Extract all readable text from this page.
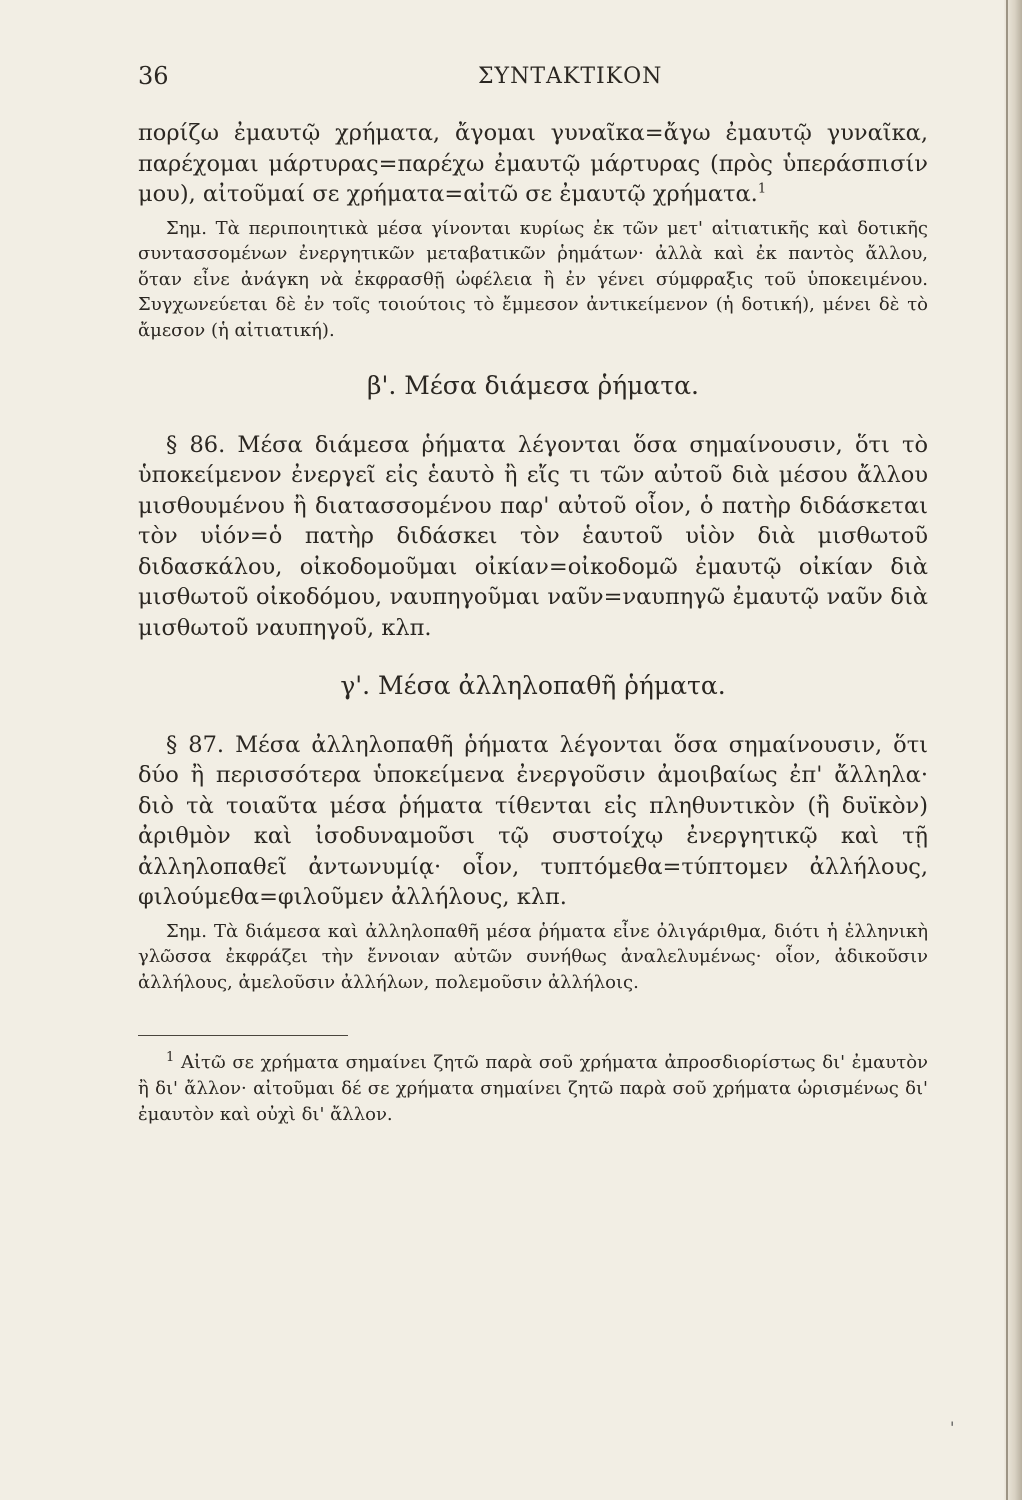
36	ΣΥΝΤΑΚΤΙΚΟΝ

πορίζω ἐμαυτῷ χρήματα, ἄγομαι γυναῖκα=ἄγω ἐμαυτῷ γυναῖκα, παρέχομαι μάρτυρας=παρέχω ἐμαυτῷ μάρτυρας (πρὸς ὑπεράσπισίν μου), αἰτοῦμαί σε χρήματα=αἰτῶ σε ἐμαυτῷ χρήματα.$^1$

Σημ. Τὰ περιποιητικὰ μέσα γίνονται κυρίως ἐκ τῶν μετ' αἰτιατικῆς καὶ δοτικῆς συντασσομένων ἐνεργητικῶν μεταβατικῶν ῥημάτων· ἀλλὰ καὶ ἐκ παντὸς ἄλλου, ὅταν εἶνε ἀνάγκη νὰ ἐκφρασθῇ ὠφέλεια ἢ ἐν γένει σύμφραξις τοῦ ὑποκειμένου. Συγχωνεύεται δὲ ἐν τοῖς τοιούτοις τὸ ἔμμεσον ἀντικείμενον (ἡ δοτική), μένει δὲ τὸ ἄμεσον (ἡ αἰτιατική).

β'. Μέσα διάμεσα ῥήματα.

§ 86. Μέσα διάμεσα ῥήματα λέγονται ὅσα σημαίνουσιν, ὅτι τὸ ὑποκείμενον ἐνεργεῖ εἰς ἑαυτὸ ἢ εἴς τι τῶν αὐτοῦ διὰ μέσου ἄλλου μισθουμένου ἢ διατασσομένου παρ' αὐτοῦ οἷον, ὁ πατὴρ διδάσκεται τὸν υἱόν=ὁ πατὴρ διδάσκει τὸν ἑαυτοῦ υἱὸν διὰ μισθωτοῦ διδασκάλου, οἰκοδομοῦμαι οἰκίαν=οἰκοδομῶ ἐμαυτῷ οἰκίαν διὰ μισθωτοῦ οἰκοδόμου, ναυπηγοῦμαι ναῦν=ναυπηγῶ ἐμαυτῷ ναῦν διὰ μισθωτοῦ ναυπηγοῦ, κλπ.

γ'. Μέσα ἀλληλοπαθῆ ῥήματα.

§ 87. Μέσα ἀλληλοπαθῆ ῥήματα λέγονται ὅσα σημαίνουσιν, ὅτι δύο ἢ περισσότερα ὑποκείμενα ἐνεργοῦσιν ἀμοιβαίως ἐπ' ἄλληλα· διὸ τὰ τοιαῦτα μέσα ῥήματα τίθενται εἰς πληθυντικὸν (ἢ δυϊκὸν) ἀριθμὸν καὶ ἰσοδυναμοῦσι τῷ συστοίχῳ ἐνεργητικῷ καὶ τῇ ἀλληλοπαθεῖ ἀντωνυμίᾳ· οἷον, τυπτόμεθα=τύπτομεν ἀλλήλους, φιλούμεθα=φιλοῦμεν ἀλλήλους, κλπ.

Σημ. Τὰ διάμεσα καὶ ἀλληλοπαθῆ μέσα ῥήματα εἶνε ὀλιγάριθμα, διότι ἡ ἑλληνικὴ γλῶσσα ἐκφράζει τὴν ἔννοιαν αὐτῶν συνήθως ἀναλελυμένως· οἷον, ἀδικοῦσιν ἀλλήλους, ἀμελοῦσιν ἀλλήλων, πολεμοῦσιν ἀλλήλοις.

$^1$ Αἰτῶ σε χρήματα σημαίνει ζητῶ παρὰ σοῦ χρήματα ἀπροσδιορίστως δι' ἐμαυτὸν ἢ δι' ἄλλον· αἰτοῦμαι δέ σε χρήματα σημαίνει ζητῶ παρὰ σοῦ χρήματα ὡρισμένως δι' ἐμαυτὸν καὶ οὐχὶ δι' ἄλλον.

'
